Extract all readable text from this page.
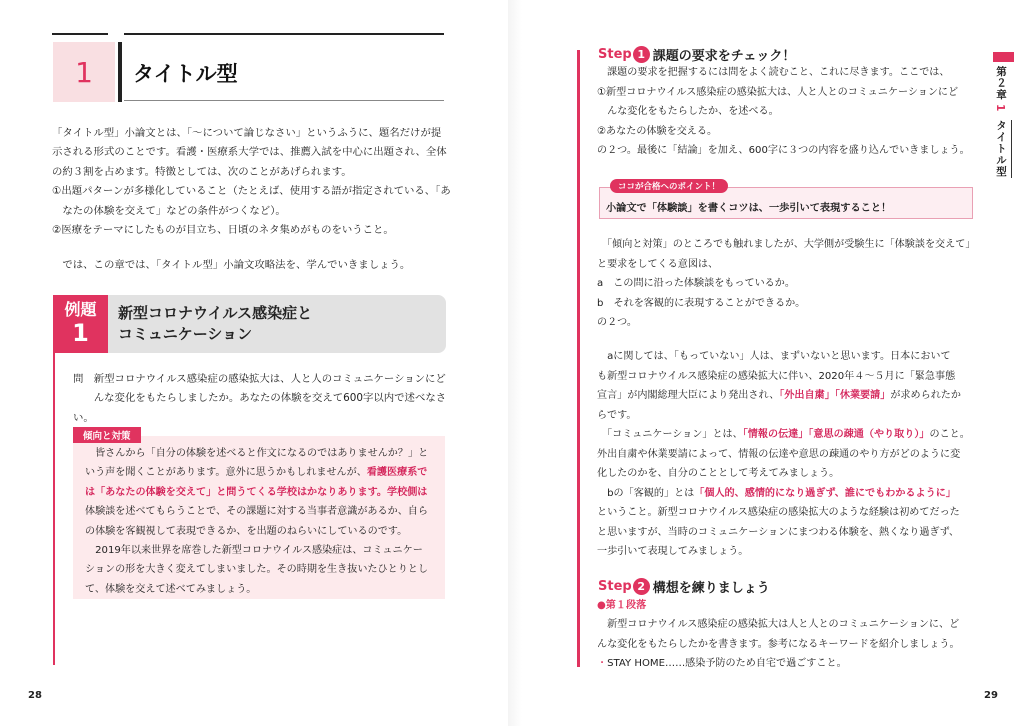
1 タイトル型
「タイトル型」小論文とは、「〜について論じなさい」というふうに、題名だけが提
示される形式のことです。看護・医療系大学では、推薦入試を中心に出題され、全体
の約３割を占めます。特徴としては、次のことがあげられます。
①出題パターンが多様化していること（たとえば、使用する語が指定されている、「あ
　なたの体験を交えて」などの条件がつくなど）。
②医療をテーマにしたものが目立ち、日頃のネタ集めがものをいうこと。
　では、この章では、「タイトル型」小論文攻略法を、学んでいきましょう。
例題
1
新型コロナウイルス感染症と
コミュニケーション
問　新型コロナウイルス感染症の感染拡大は、人と人のコミュニケーションにど
　　んな変化をもたらしましたか。あなたの体験を交えて600字以内で述べなさい。
　皆さんから「自分の体験を述べると作文になるのではありませんか？」と
いう声を聞くことがあります。意外に思うかもしれませんが、看護医療系で
は「あなたの体験を交えて」と問うてくる学校はかなりあります。学校側は
体験談を述べてもらうことで、その課題に対する当事者意識があるか、自ら
の体験を客観視して表現できるか、を出題のねらいにしているのです。
　2019年以来世界を席巻した新型コロナウイルス感染症は、コミュニケー
ションの形を大きく変えてしまいました。その時期を生き抜いたひとりとし
て、体験を交えて述べてみましょう。
傾向と対策
28
Step 1 課題の要求をチェック！
　課題の要求を把握するには問をよく読むこと、これに尽きます。ここでは、
①新型コロナウイルス感染症の感染拡大は、人と人とのコミュニケーションにど
　んな変化をもたらしたか、を述べる。
②あなたの体験を交える。
の２つ。最後に「結論」を加え、600字に３つの内容を盛り込んでいきましょう。
ココが合格へのポイント！
小論文で「体験談」を書くコツは、一歩引いて表現すること！
　「傾向と対策」のところでも触れましたが、大学側が受験生に「体験談を交えて」
と要求をしてくる意図は、
a　この問に沿った体験談をもっているか。
b　それを客観的に表現することができるか。
の２つ。
　aに関しては、「もっていない」人は、まずいないと思います。日本において
も新型コロナウイルス感染症の感染拡大に伴い、2020年４〜５月に「緊急事態
宣言」が内閣総理大臣により発出され、「外出自粛」「休業要請」が求められたか
らです。
　「コミュニケーション」とは、「情報の伝達」「意思の疎通（やり取り）」のこと。
外出自粛や休業要請によって、情報の伝達や意思の疎通のやり方がどのように変
化したのかを、自分のこととして考えてみましょう。
　bの「客観的」とは「個人的、感情的になり過ぎず、誰にでもわかるように」
ということ。新型コロナウイルス感染症の感染拡大のような経験は初めてだった
と思いますが、当時のコミュニケーションにまつわる体験を、熱くなり過ぎず、
一歩引いて表現してみましょう。
Step 2 構想を練りましょう
●第１段落
　新型コロナウイルス感染症の感染拡大は人と人とのコミュニケーションに、ど
んな変化をもたらしたかを書きます。参考になるキーワードを紹介しましょう。
・STAY HOME……感染予防のため自宅で過ごすこと。
第２章
1
タイトル型
29
